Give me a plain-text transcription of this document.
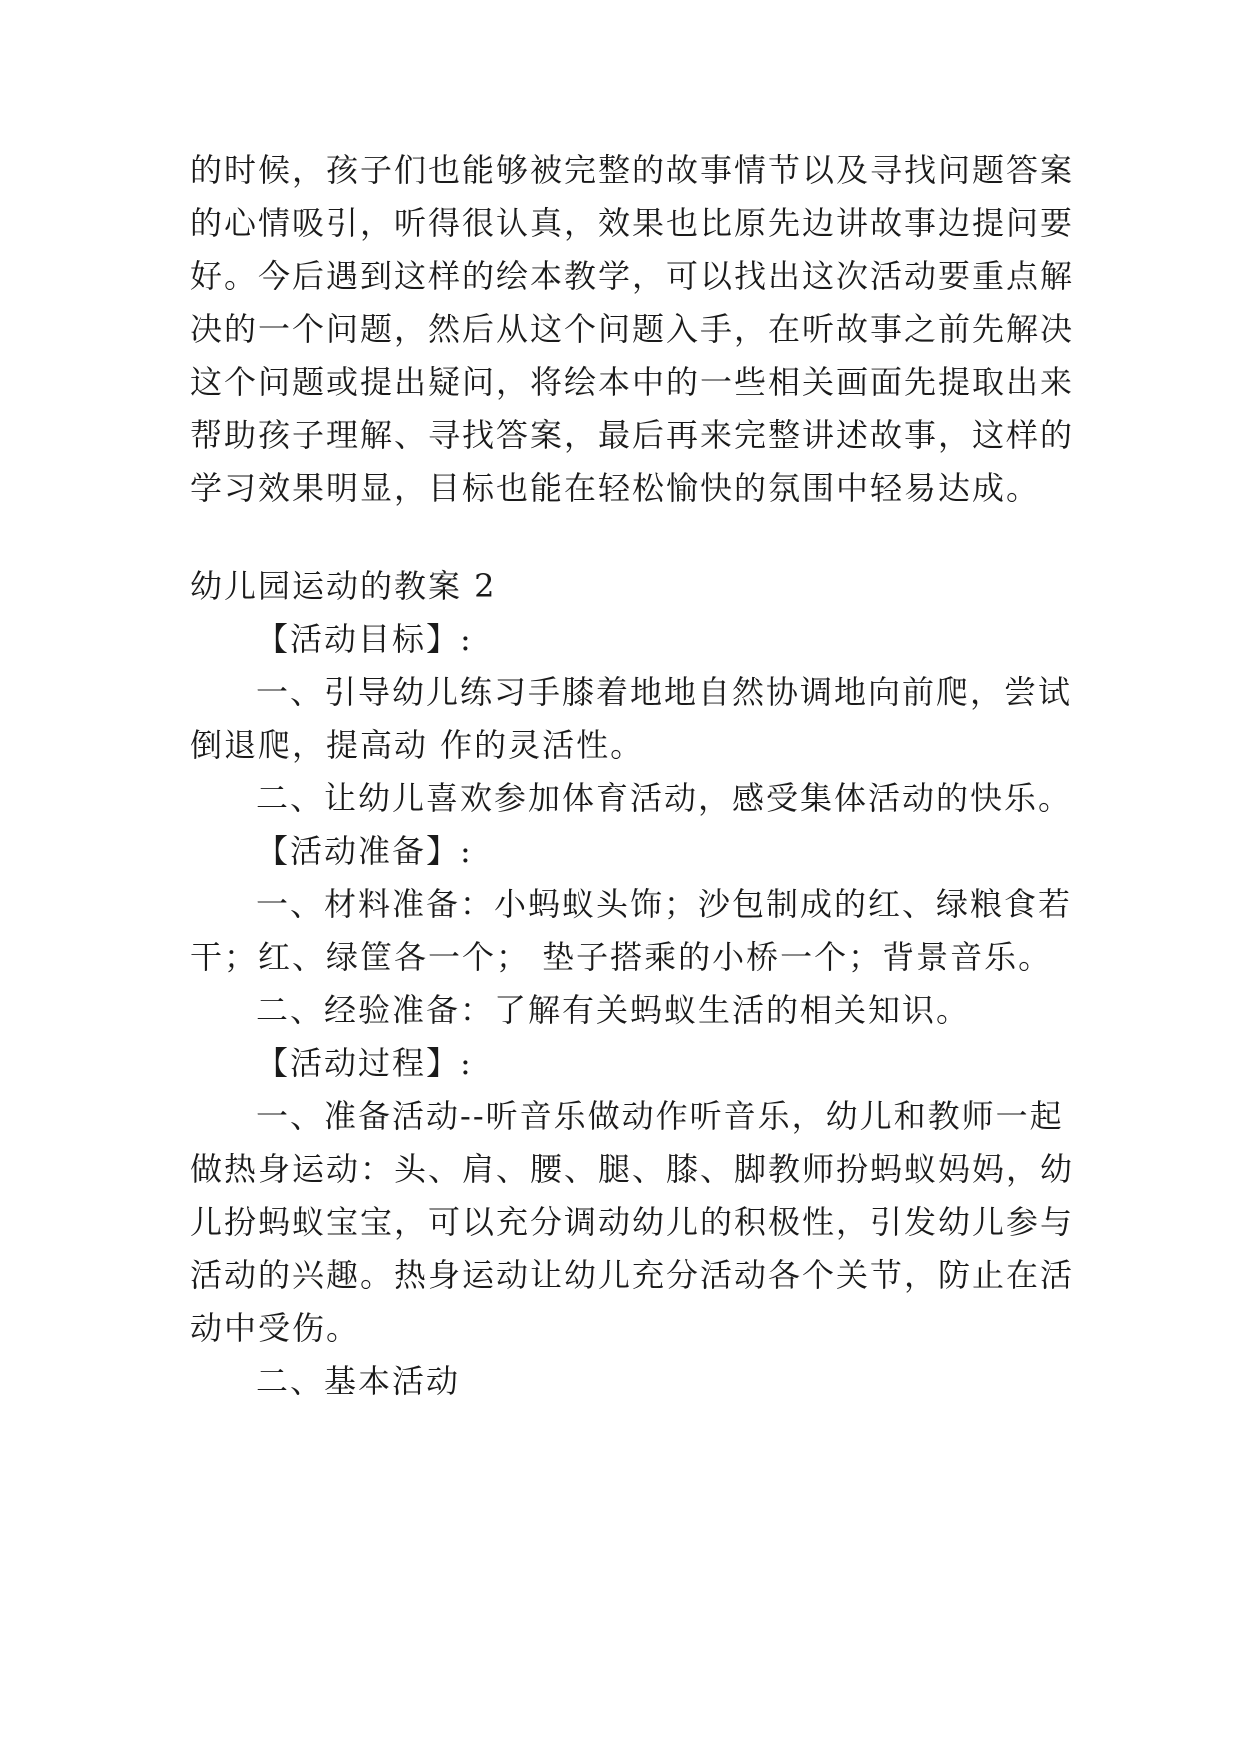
的时候，孩子们也能够被完整的故事情节以及寻找问题答案
的心情吸引，听得很认真，效果也比原先边讲故事边提问要
好。今后遇到这样的绘本教学，可以找出这次活动要重点解
决的一个问题，然后从这个问题入手，在听故事之前先解决
这个问题或提出疑问，将绘本中的一些相关画面先提取出来
帮助孩子理解、寻找答案，最后再来完整讲述故事，这样的
学习效果明显，目标也能在轻松愉快的氛围中轻易达成。
幼儿园运动的教案 2
【活动目标】:
一、引导幼儿练习手膝着地地自然协调地向前爬，尝试
倒退爬，提高动 作的灵活性。
二、让幼儿喜欢参加体育活动，感受集体活动的快乐。
【活动准备】:
一、材料准备：小蚂蚁头饰；沙包制成的红、绿粮食若
干；红、绿筐各一个； 垫子搭乘的小桥一个；背景音乐。
二、经验准备：了解有关蚂蚁生活的相关知识。
【活动过程】:
一、准备活动--听音乐做动作听音乐，幼儿和教师一起
做热身运动：头、肩、腰、腿、膝、脚教师扮蚂蚁妈妈，幼
儿扮蚂蚁宝宝，可以充分调动幼儿的积极性，引发幼儿参与
活动的兴趣。热身运动让幼儿充分活动各个关节，防止在活
动中受伤。
二、基本活动
